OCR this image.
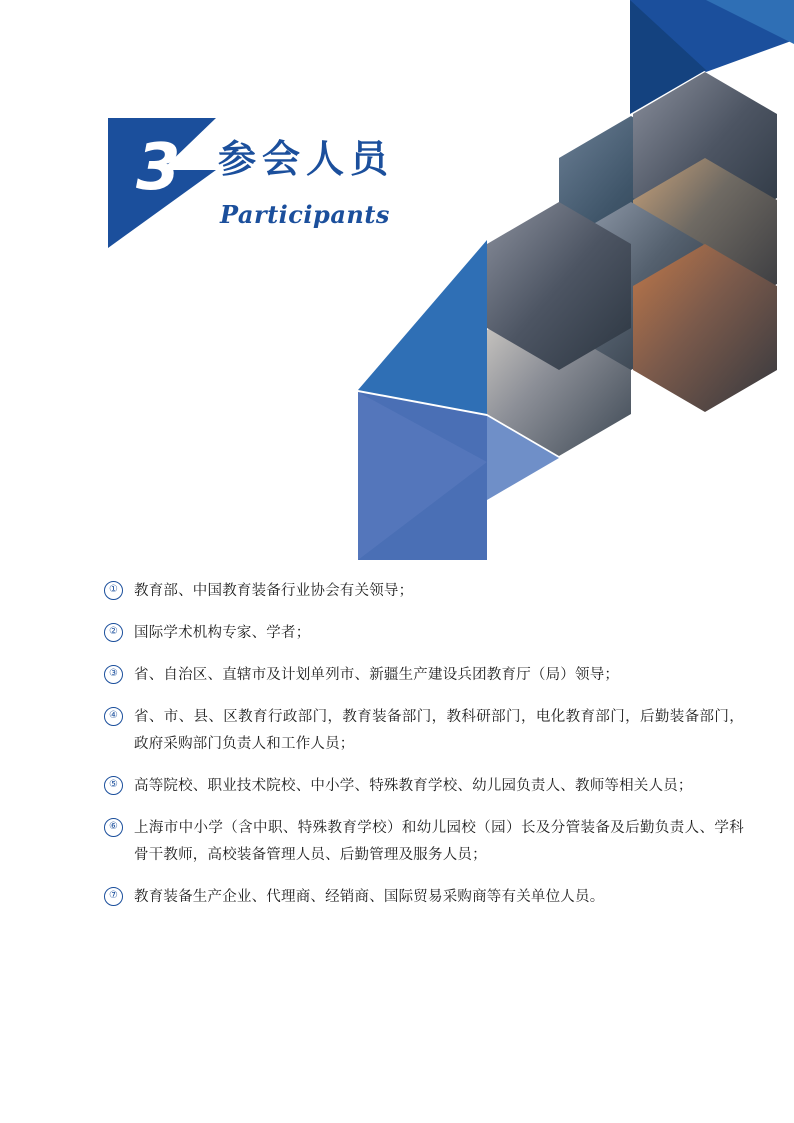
3 参会人员
Participants
①	教育部、中国教育装备行业协会有关领导；
②	国际学术机构专家、学者；
③	省、自治区、直辖市及计划单列市、新疆生产建设兵团教育厅（局）领导；
④	省、市、县、区教育行政部门，教育装备部门，教科研部门，电化教育部门，后勤装备部门，政府采购部门负责人和工作人员；
⑤	高等院校、职业技术院校、中小学、特殊教育学校、幼儿园负责人、教师等相关人员；
⑥	上海市中小学（含中职、特殊教育学校）和幼儿园校（园）长及分管装备及后勤负责人、学科骨干教师，高校装备管理人员、后勤管理及服务人员；
⑦	教育装备生产企业、代理商、经销商、国际贸易采购商等有关单位人员。
